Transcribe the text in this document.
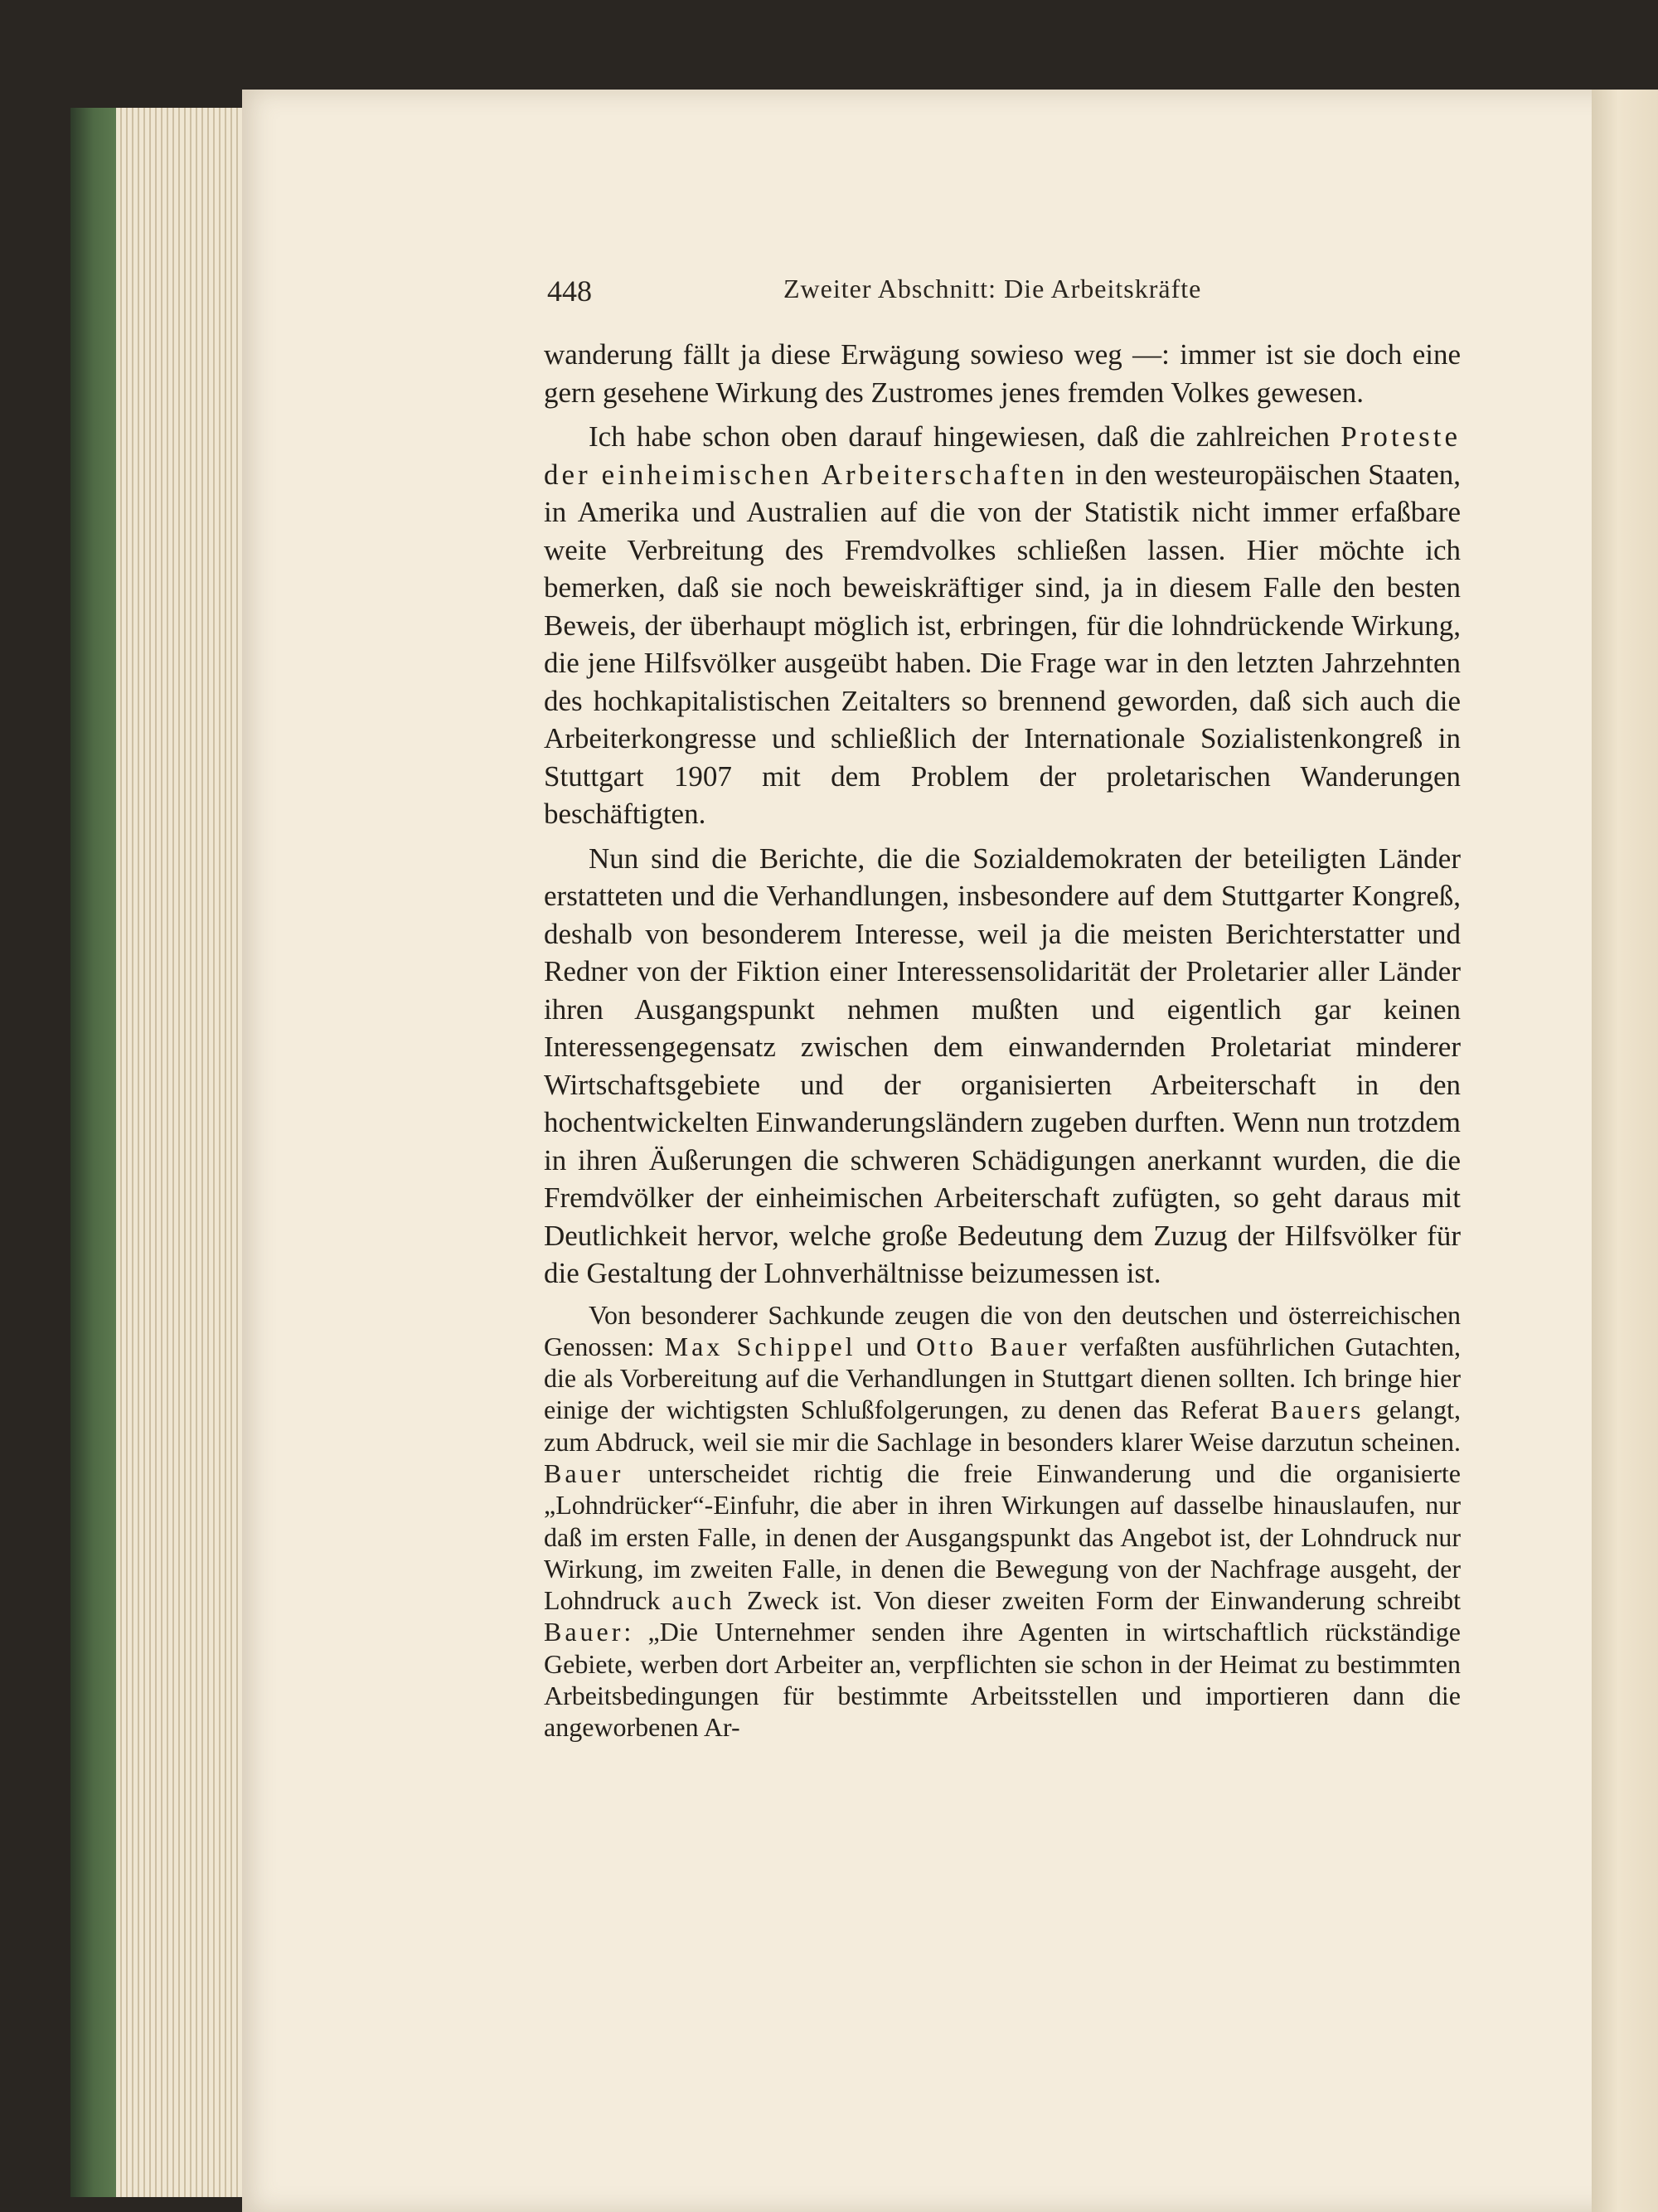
448	Zweiter Abschnitt: Die Arbeitskräfte

wanderung fällt ja diese Erwägung sowieso weg —: immer ist sie doch eine gern gesehene Wirkung des Zustromes jenes fremden Volkes gewesen.

Ich habe schon oben darauf hingewiesen, daß die zahlreichen Proteste der einheimischen Arbeiterschaften in den westeuropäischen Staaten, in Amerika und Australien auf die von der Statistik nicht immer erfaßbare weite Verbreitung des Fremdvolkes schließen lassen. Hier möchte ich bemerken, daß sie noch beweiskräftiger sind, ja in diesem Falle den besten Beweis, der überhaupt möglich ist, erbringen, für die lohndrückende Wirkung, die jene Hilfsvölker ausgeübt haben. Die Frage war in den letzten Jahrzehnten des hochkapitalistischen Zeitalters so brennend geworden, daß sich auch die Arbeiterkongresse und schließlich der Internationale Sozialistenkongreß in Stuttgart 1907 mit dem Problem der proletarischen Wanderungen beschäftigten.

Nun sind die Berichte, die die Sozialdemokraten der beteiligten Länder erstatteten und die Verhandlungen, insbesondere auf dem Stuttgarter Kongreß, deshalb von besonderem Interesse, weil ja die meisten Berichterstatter und Redner von der Fiktion einer Interessensolidarität der Proletarier aller Länder ihren Ausgangspunkt nehmen mußten und eigentlich gar keinen Interessengegensatz zwischen dem einwandernden Proletariat minderer Wirtschaftsgebiete und der organisierten Arbeiterschaft in den hochentwickelten Einwanderungsländern zugeben durften. Wenn nun trotzdem in ihren Äußerungen die schweren Schädigungen anerkannt wurden, die die Fremdvölker der einheimischen Arbeiterschaft zufügten, so geht daraus mit Deutlichkeit hervor, welche große Bedeutung dem Zuzug der Hilfsvölker für die Gestaltung der Lohnverhältnisse beizumessen ist.

Von besonderer Sachkunde zeugen die von den deutschen und österreichischen Genossen: Max Schippel und Otto Bauer verfaßten ausführlichen Gutachten, die als Vorbereitung auf die Verhandlungen in Stuttgart dienen sollten. Ich bringe hier einige der wichtigsten Schlußfolgerungen, zu denen das Referat Bauers gelangt, zum Abdruck, weil sie mir die Sachlage in besonders klarer Weise darzutun scheinen. Bauer unterscheidet richtig die freie Einwanderung und die organisierte „Lohndrücker“-Einfuhr, die aber in ihren Wirkungen auf dasselbe hinauslaufen, nur daß im ersten Falle, in denen der Ausgangspunkt das Angebot ist, der Lohndruck nur Wirkung, im zweiten Falle, in denen die Bewegung von der Nachfrage ausgeht, der Lohndruck auch Zweck ist. Von dieser zweiten Form der Einwanderung schreibt Bauer: „Die Unternehmer senden ihre Agenten in wirtschaftlich rückständige Gebiete, werben dort Arbeiter an, verpflichten sie schon in der Heimat zu bestimmten Arbeitsbedingungen für bestimmte Arbeitsstellen und importieren dann die angeworbenen Ar-
